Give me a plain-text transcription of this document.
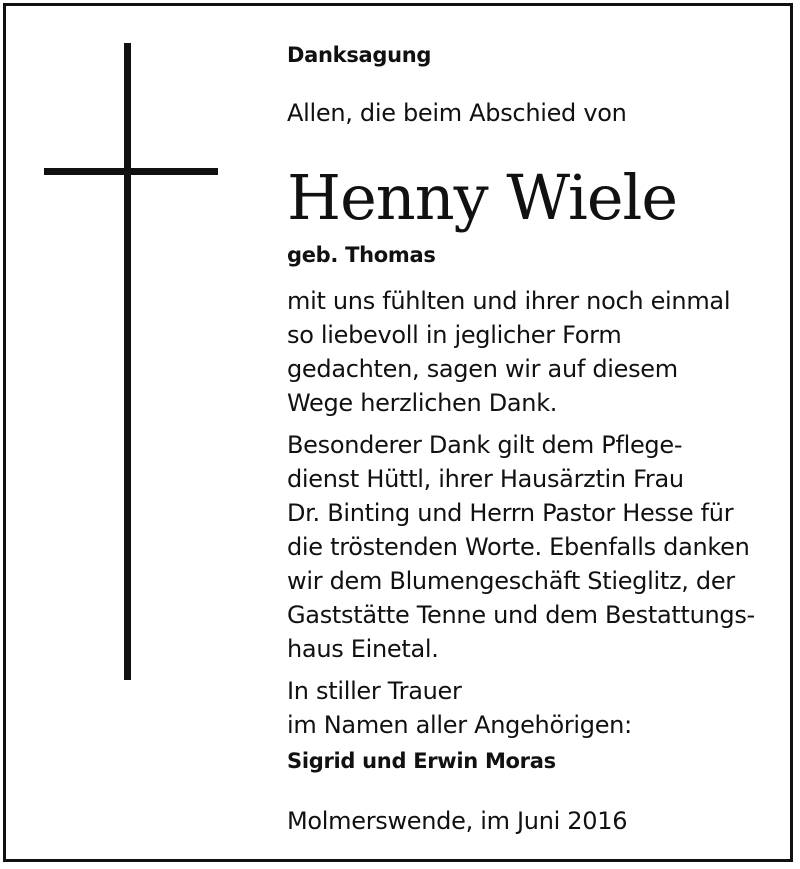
Danksagung
Allen, die beim Abschied von
Henny Wiele
geb. Thomas
mit uns fühlten und ihrer noch einmal
so liebevoll in jeglicher Form
gedachten, sagen wir auf diesem
Wege herzlichen Dank.
Besonderer Dank gilt dem Pflege-
dienst Hüttl, ihrer Hausärztin Frau
Dr. Binting und Herrn Pastor Hesse für
die tröstenden Worte. Ebenfalls danken
wir dem Blumengeschäft Stieglitz, der
Gaststätte Tenne und dem Bestattungs-
haus Einetal.
In stiller Trauer
im Namen aller Angehörigen:
Sigrid und Erwin Moras
Molmerswende, im Juni 2016
